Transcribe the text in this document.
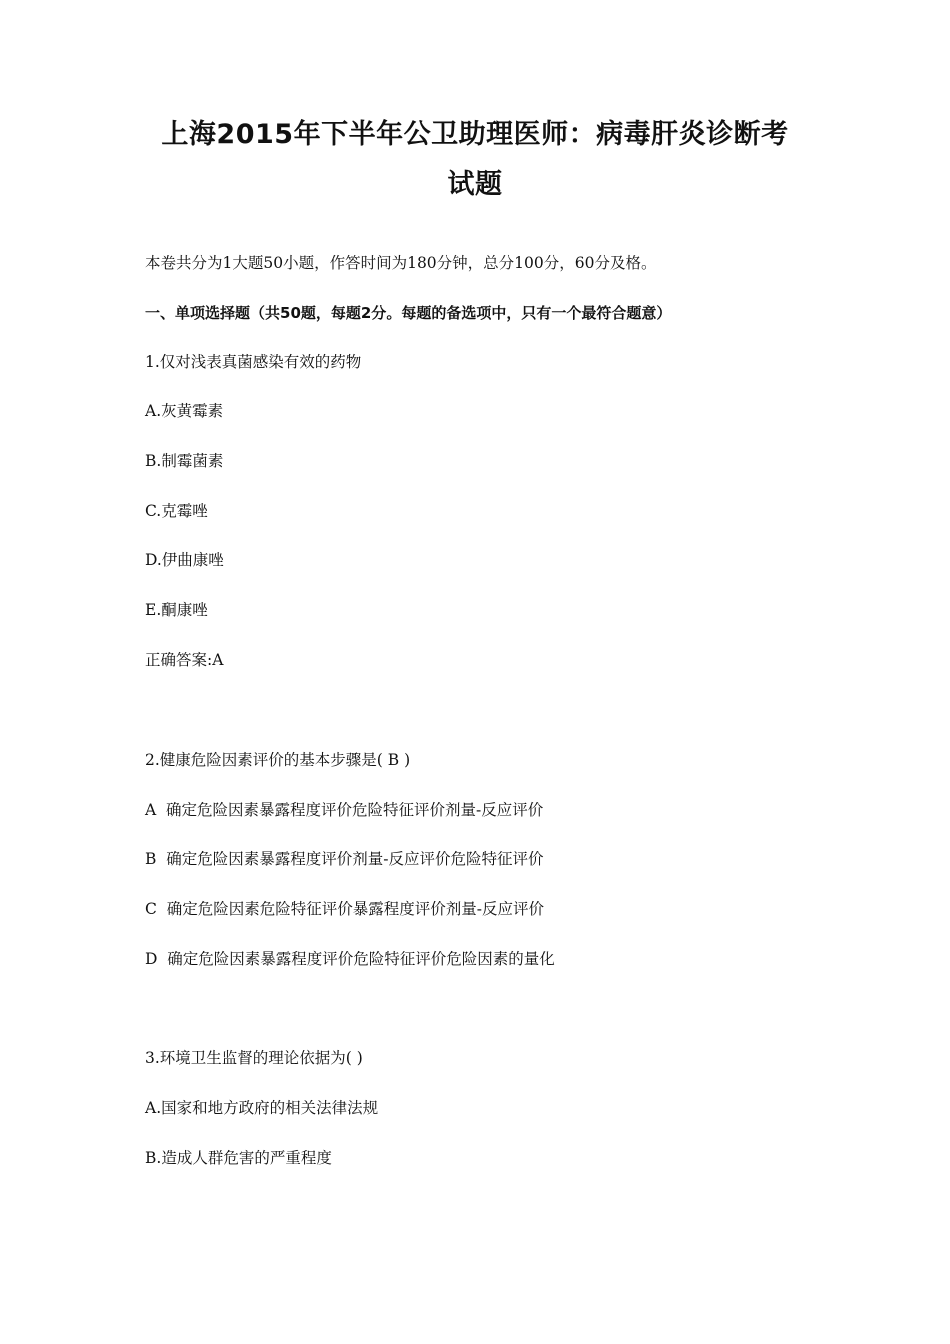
上海2015年下半年公卫助理医师：病毒肝炎诊断考
试题
本卷共分为1大题50小题，作答时间为180分钟，总分100分，60分及格。
一、单项选择题（共50题，每题2分。每题的备选项中，只有一个最符合题意）
1.仅对浅表真菌感染有效的药物
A.灰黄霉素
B.制霉菌素
C.克霉唑
D.伊曲康唑
E.酮康唑
正确答案:A
2.健康危险因素评价的基本步骤是( B )
A  确定危险因素暴露程度评价危险特征评价剂量-反应评价
B  确定危险因素暴露程度评价剂量-反应评价危险特征评价
C  确定危险因素危险特征评价暴露程度评价剂量-反应评价
D  确定危险因素暴露程度评价危险特征评价危险因素的量化
3.环境卫生监督的理论依据为( )
A.国家和地方政府的相关法律法规
B.造成人群危害的严重程度
